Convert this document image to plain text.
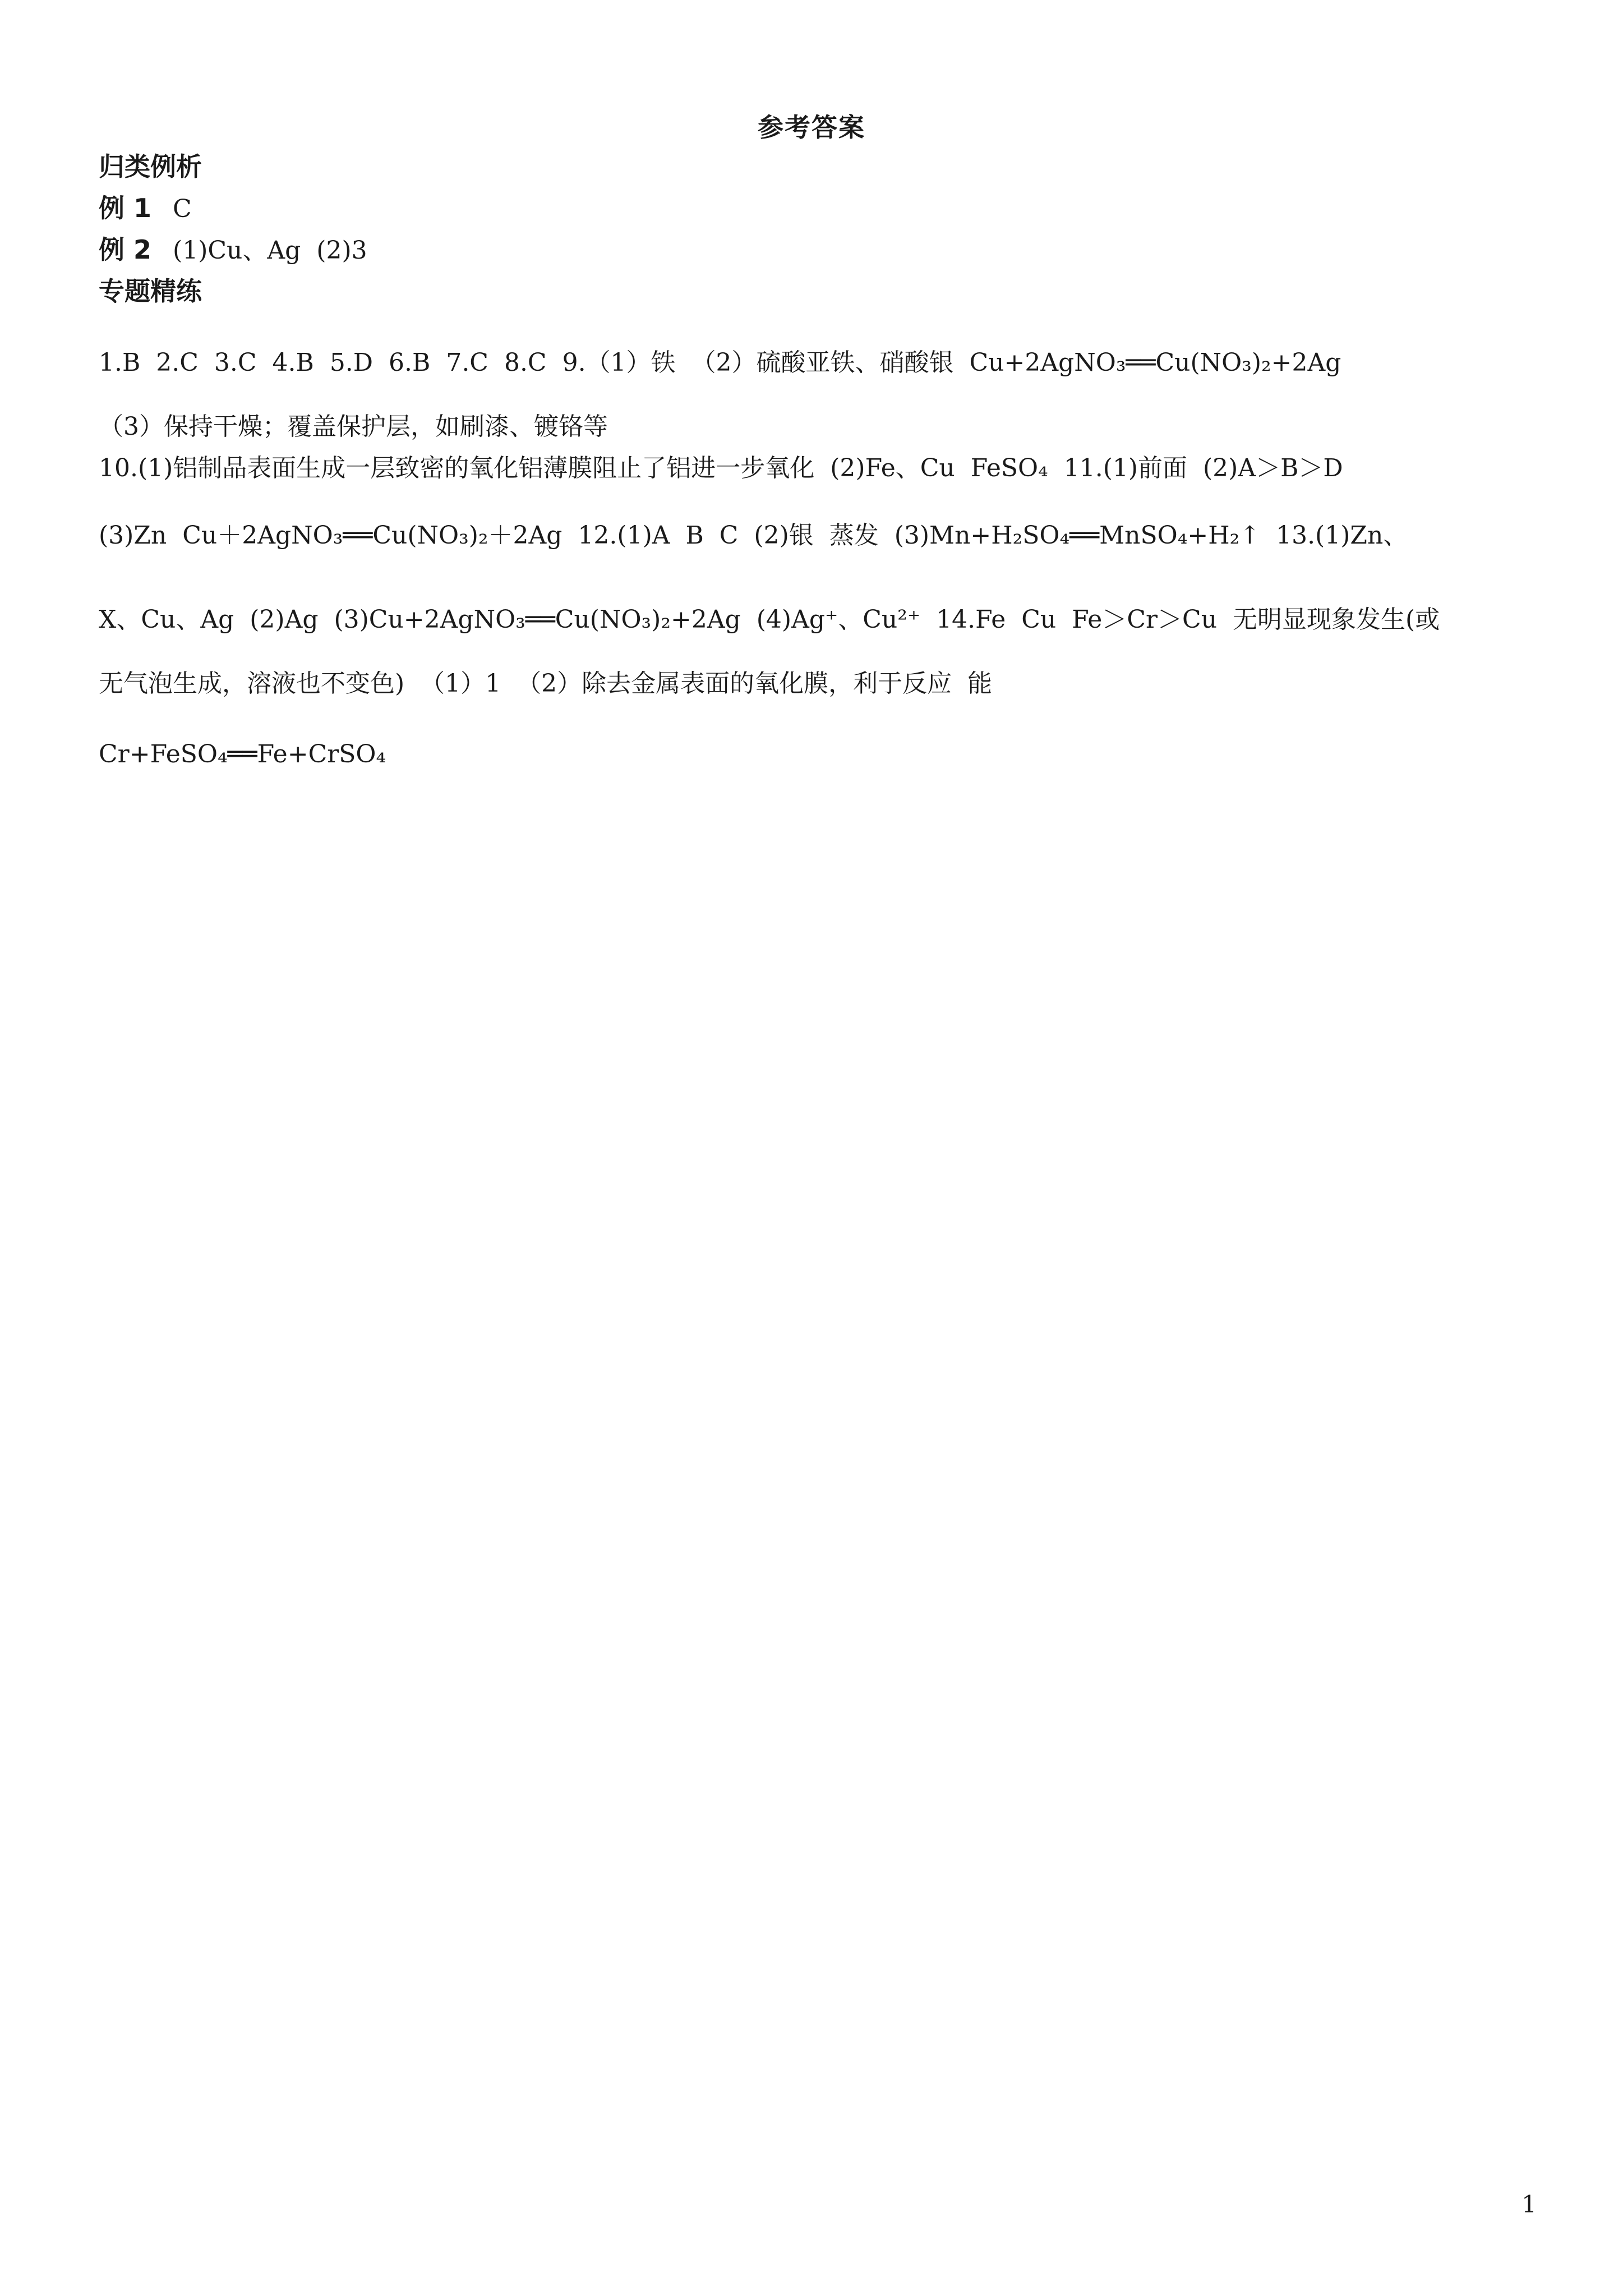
参考答案
归类例析
例 1 C
例 2 (1)Cu、Ag  (2)3
专题精练
1.B  2.C  3.C  4.B  5.D  6.B  7.C  8.C  9.（1）铁  （2）硫酸亚铁、硝酸银  Cu+2AgNO₃══Cu(NO₃)₂+2Ag
（3）保持干燥；覆盖保护层，如刷漆、镀铬等
10.(1)铝制品表面生成一层致密的氧化铝薄膜阻止了铝进一步氧化  (2)Fe、Cu  FeSO₄  11.(1)前面  (2)A＞B＞D
(3)Zn  Cu＋2AgNO₃══Cu(NO₃)₂＋2Ag  12.(1)A  B  C  (2)银  蒸发  (3)Mn+H₂SO₄══MnSO₄+H₂↑  13.(1)Zn、
X、Cu、Ag  (2)Ag  (3)Cu+2AgNO₃══Cu(NO₃)₂+2Ag  (4)Ag⁺、Cu²⁺  14.Fe  Cu  Fe＞Cr＞Cu  无明显现象发生(或
无气泡生成，溶液也不变色)  （1）1  （2）除去金属表面的氧化膜，利于反应  能
Cr+FeSO₄══Fe+CrSO₄
1
